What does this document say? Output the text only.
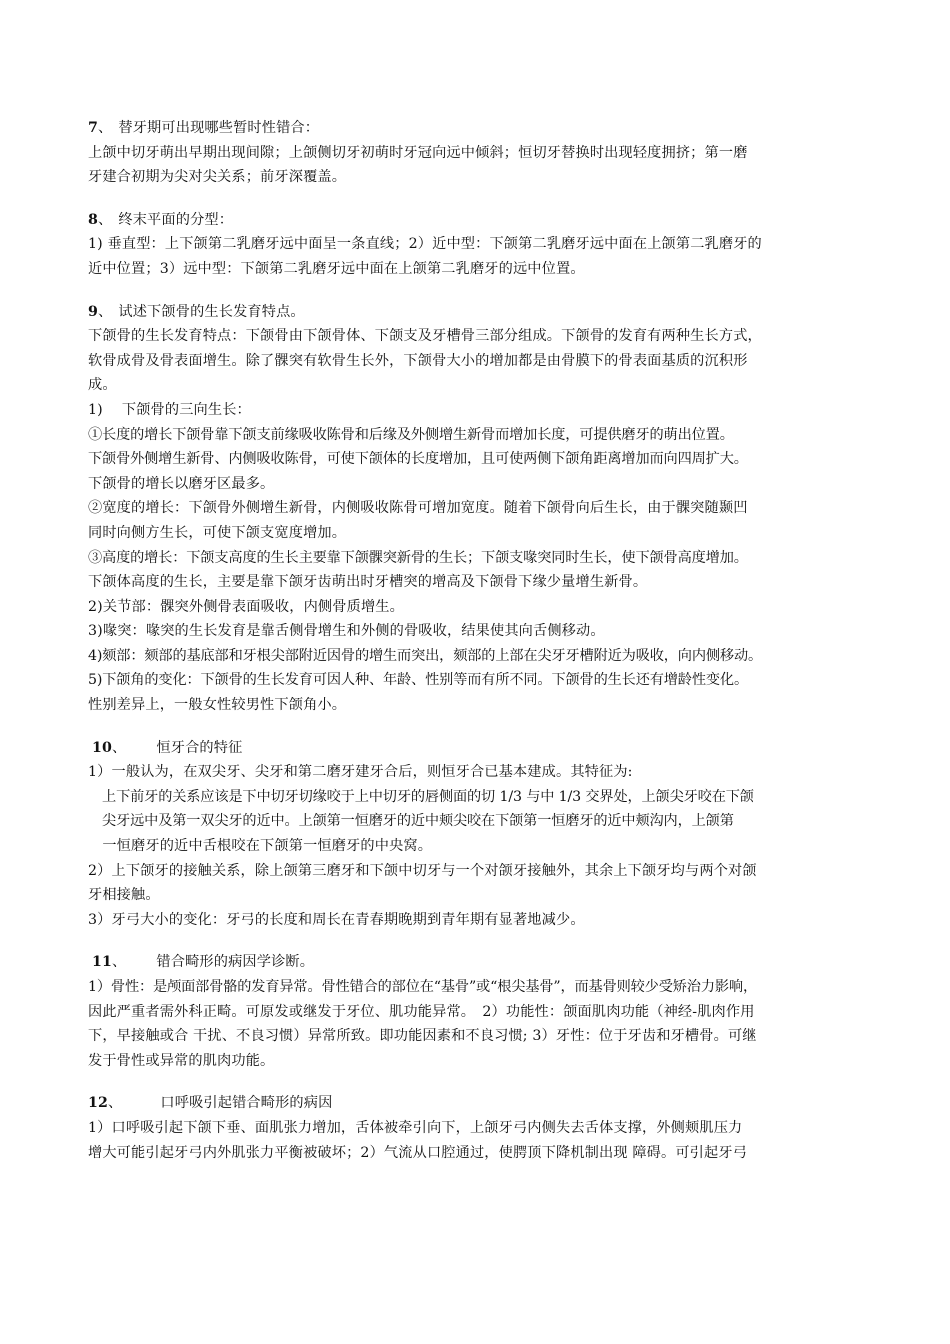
7、 替牙期可出现哪些暂时性错合：
上颌中切牙萌出早期出现间隙；上颌侧切牙初萌时牙冠向远中倾斜；恒切牙替换时出现轻度拥挤；第一磨
牙建合初期为尖对尖关系；前牙深覆盖。
8、 终末平面的分型：
1) 垂直型：上下颌第二乳磨牙远中面呈一条直线；2）近中型：下颌第二乳磨牙远中面在上颌第二乳磨牙的
近中位置；3）远中型：下颌第二乳磨牙远中面在上颌第二乳磨牙的远中位置。
9、 试述下颌骨的生长发育特点。
下颌骨的生长发育特点：下颌骨由下颌骨体、下颌支及牙槽骨三部分组成。下颌骨的发育有两种生长方式，
软骨成骨及骨表面增生。除了髁突有软骨生长外，下颌骨大小的增加都是由骨膜下的骨表面基质的沉积形
成。
1)　 下颌骨的三向生长：
①长度的增长下颌骨靠下颌支前缘吸收陈骨和后缘及外侧增生新骨而增加长度，可提供磨牙的萌出位置。
下颌骨外侧增生新骨、内侧吸收陈骨，可使下颌体的长度增加，且可使两侧下颌角距离增加而向四周扩大。
下颌骨的增长以磨牙区最多。
②宽度的增长：下颌骨外侧增生新骨，内侧吸收陈骨可增加宽度。随着下颌骨向后生长，由于髁突随颞凹
同时向侧方生长，可使下颌支宽度增加。
③高度的增长：下颌支高度的生长主要靠下颌髁突新骨的生长；下颌支喙突同时生长，使下颌骨高度增加。
下颌体高度的生长，主要是靠下颌牙齿萌出时牙槽突的增高及下颌骨下缘少量增生新骨。
2)关节部：髁突外侧骨表面吸收，内侧骨质增生。
3)喙突：喙突的生长发育是靠舌侧骨增生和外侧的骨吸收，结果使其向舌侧移动。
4)颏部：颏部的基底部和牙根尖部附近因骨的增生而突出，颏部的上部在尖牙牙槽附近为吸收，向内侧移动。
5)下颌角的变化：下颌骨的生长发育可因人种、年龄、性别等而有所不同。下颌骨的生长还有增龄性变化。
性别差异上，一般女性较男性下颌角小。
10、 恒牙合的特征
1）一般认为，在双尖牙、尖牙和第二磨牙建牙合后，则恒牙合已基本建成。其特征为:
　上下前牙的关系应该是下中切牙切缘咬于上中切牙的唇侧面的切 1/3 与中 1/3 交界处，上颌尖牙咬在下颌
　尖牙远中及第一双尖牙的近中。上颌第一恒磨牙的近中颊尖咬在下颌第一恒磨牙的近中颊沟内，上颌第
　一恒磨牙的近中舌根咬在下颌第一恒磨牙的中央窝。
2）上下颌牙的接触关系，除上颌第三磨牙和下颌中切牙与一个对颌牙接触外，其余上下颌牙均与两个对颌
牙相接触。
3）牙弓大小的变化：牙弓的长度和周长在青春期晚期到青年期有显著地减少。
11、 错合畸形的病因学诊断。
1）骨性：是颅面部骨骼的发育异常。骨性错合的部位在“基骨”或“根尖基骨”，而基骨则较少受矫治力影响，
因此严重者需外科正畸。可原发或继发于牙位、肌功能异常。　2）功能性：颌面肌肉功能（神经-肌肉作用
下，早接触或合 干扰、不良习惯）异常所致。即功能因素和不良习惯; 3）牙性：位于牙齿和牙槽骨。可继
发于骨性或异常的肌肉功能。
12、	口呼吸引起错合畸形的病因
1）口呼吸引起下颌下垂、面肌张力增加，舌体被牵引向下，上颌牙弓内侧失去舌体支撑，外侧颊肌压力
增大可能引起牙弓内外肌张力平衡被破坏；2）气流从口腔通过，使腭顶下降机制出现 障碍。可引起牙弓
